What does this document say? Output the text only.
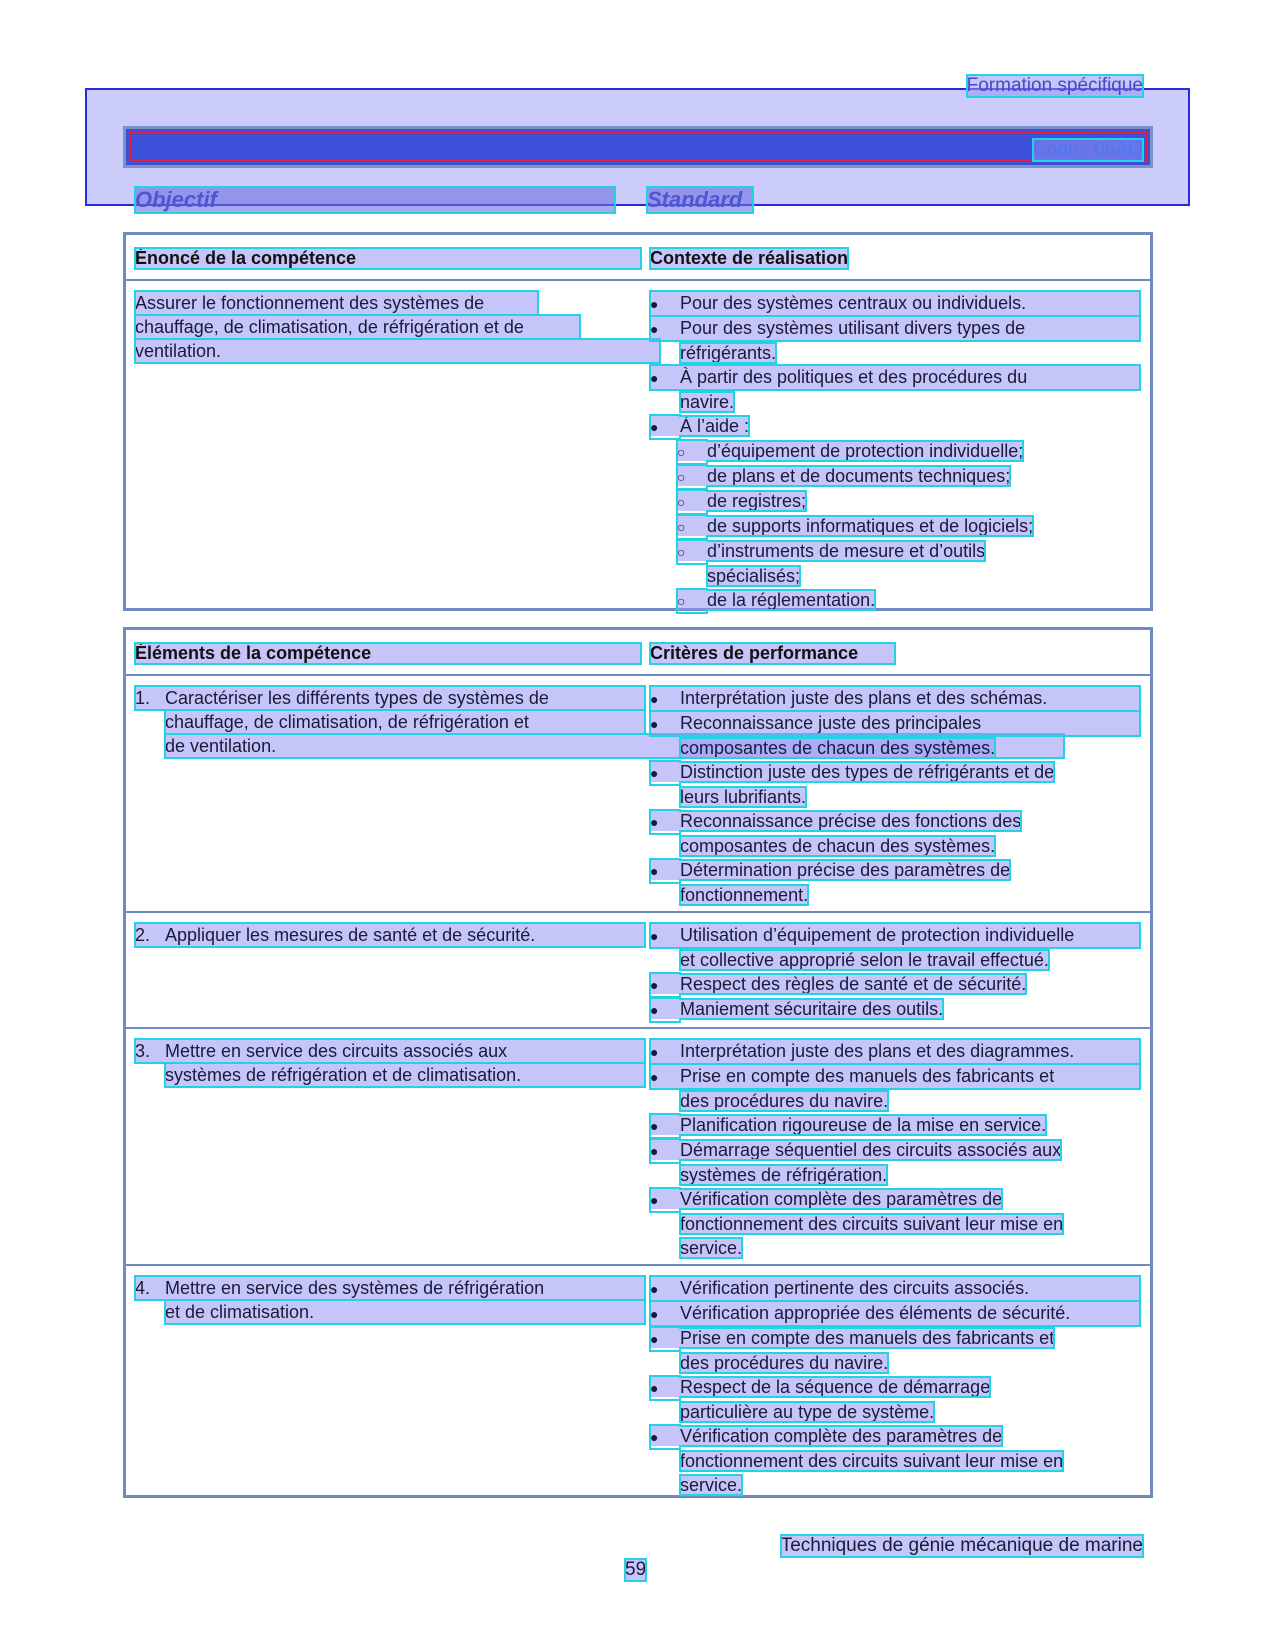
Formation spécifique
Code : 06AQ
Objectif	Standard
Énoncé de la compétence	Contexte de réalisation
Assurer le fonctionnement des systèmes de
chauffage, de climatisation, de réfrigération et de
ventilation.
● Pour des systèmes centraux ou individuels.
● Pour des systèmes utilisant divers types de
réfrigérants.
● À partir des politiques et des procédures du
navire.
● À l’aide :
○ d’équipement de protection individuelle;
○ de plans et de documents techniques;
○ de registres;
○ de supports informatiques et de logiciels;
○ d’instruments de mesure et d’outils
spécialisés;
○ de la réglementation.
Éléments de la compétence	Critères de performance
1. Caractériser les différents types de systèmes de
chauffage, de climatisation, de réfrigération et
de ventilation.
● Interprétation juste des plans et des schémas.
● Reconnaissance juste des principales
composantes de chacun des systèmes.
● Distinction juste des types de réfrigérants et de
leurs lubrifiants.
● Reconnaissance précise des fonctions des
composantes de chacun des systèmes.
● Détermination précise des paramètres de
fonctionnement.
2. Appliquer les mesures de santé et de sécurité.	● Utilisation d’équipement de protection individuelle
et collective approprié selon le travail effectué.
● Respect des règles de santé et de sécurité.
● Maniement sécuritaire des outils.
3. Mettre en service des circuits associés aux
systèmes de réfrigération et de climatisation.
● Interprétation juste des plans et des diagrammes.
● Prise en compte des manuels des fabricants et
des procédures du navire.
● Planification rigoureuse de la mise en service.
● Démarrage séquentiel des circuits associés aux
systèmes de réfrigération.
● Vérification complète des paramètres de
fonctionnement des circuits suivant leur mise en
service.
4. Mettre en service des systèmes de réfrigération
et de climatisation.
● Vérification pertinente des circuits associés.
● Vérification appropriée des éléments de sécurité.
● Prise en compte des manuels des fabricants et
des procédures du navire.
● Respect de la séquence de démarrage
particulière au type de système.
● Vérification complète des paramètres de
fonctionnement des circuits suivant leur mise en
service.
Techniques de génie mécanique de marine
59
